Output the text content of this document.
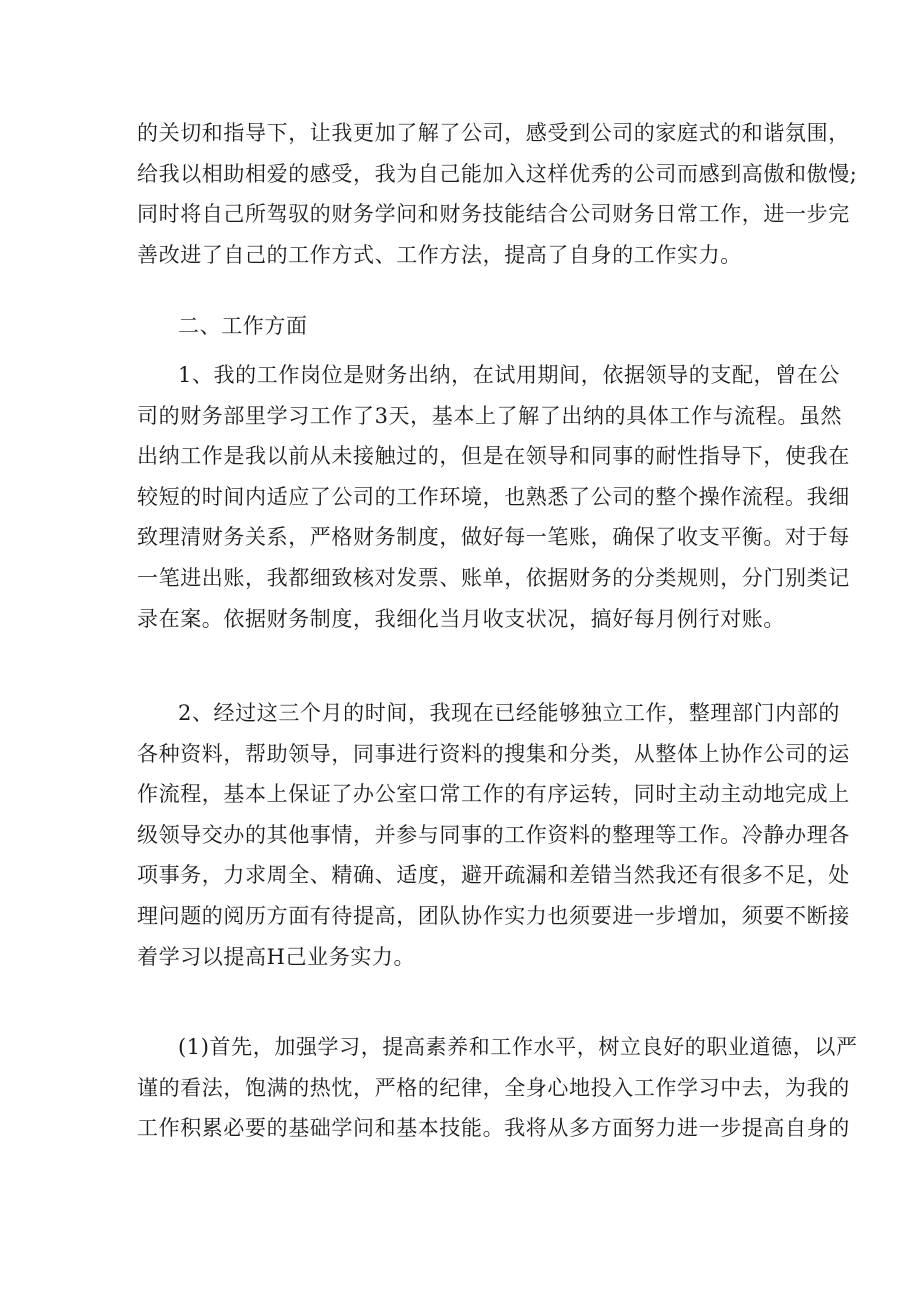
的关切和指导下，让我更加了解了公司，感受到公司的家庭式的和谐氛围，
给我以相助相爱的感受，我为自己能加入这样优秀的公司而感到高傲和傲慢;
同时将自己所驾驭的财务学问和财务技能结合公司财务日常工作，进一步完
善改进了自己的工作方式、工作方法，提高了自身的工作实力。
二、工作方面
1、我的工作岗位是财务出纳，在试用期间，依据领导的支配，曾在公
司的财务部里学习工作了3天，基本上了解了出纳的具体工作与流程。虽然
出纳工作是我以前从未接触过的，但是在领导和同事的耐性指导下，使我在
较短的时间内适应了公司的工作环境，也熟悉了公司的整个操作流程。我细
致理清财务关系，严格财务制度，做好每一笔账，确保了收支平衡。对于每
一笔进出账，我都细致核对发票、账单，依据财务的分类规则，分门别类记
录在案。依据财务制度，我细化当月收支状况，搞好每月例行对账。
2、经过这三个月的时间，我现在已经能够独立工作，整理部门内部的
各种资料，帮助领导，同事进行资料的搜集和分类，从整体上协作公司的运
作流程，基本上保证了办公室口常工作的有序运转，同时主动主动地完成上
级领导交办的其他事情，并参与同事的工作资料的整理等工作。冷静办理各
项事务，力求周全、精确、适度，避开疏漏和差错当然我还有很多不足，处
理问题的阅历方面有待提高，团队协作实力也须要进一步增加，须要不断接
着学习以提高H己业务实力。
(1)首先，加强学习，提高素养和工作水平，树立良好的职业道德，以严
谨的看法，饱满的热忱，严格的纪律，全身心地投入工作学习中去，为我的
工作积累必要的基础学问和基本技能。我将从多方面努力进一步提高自身的
